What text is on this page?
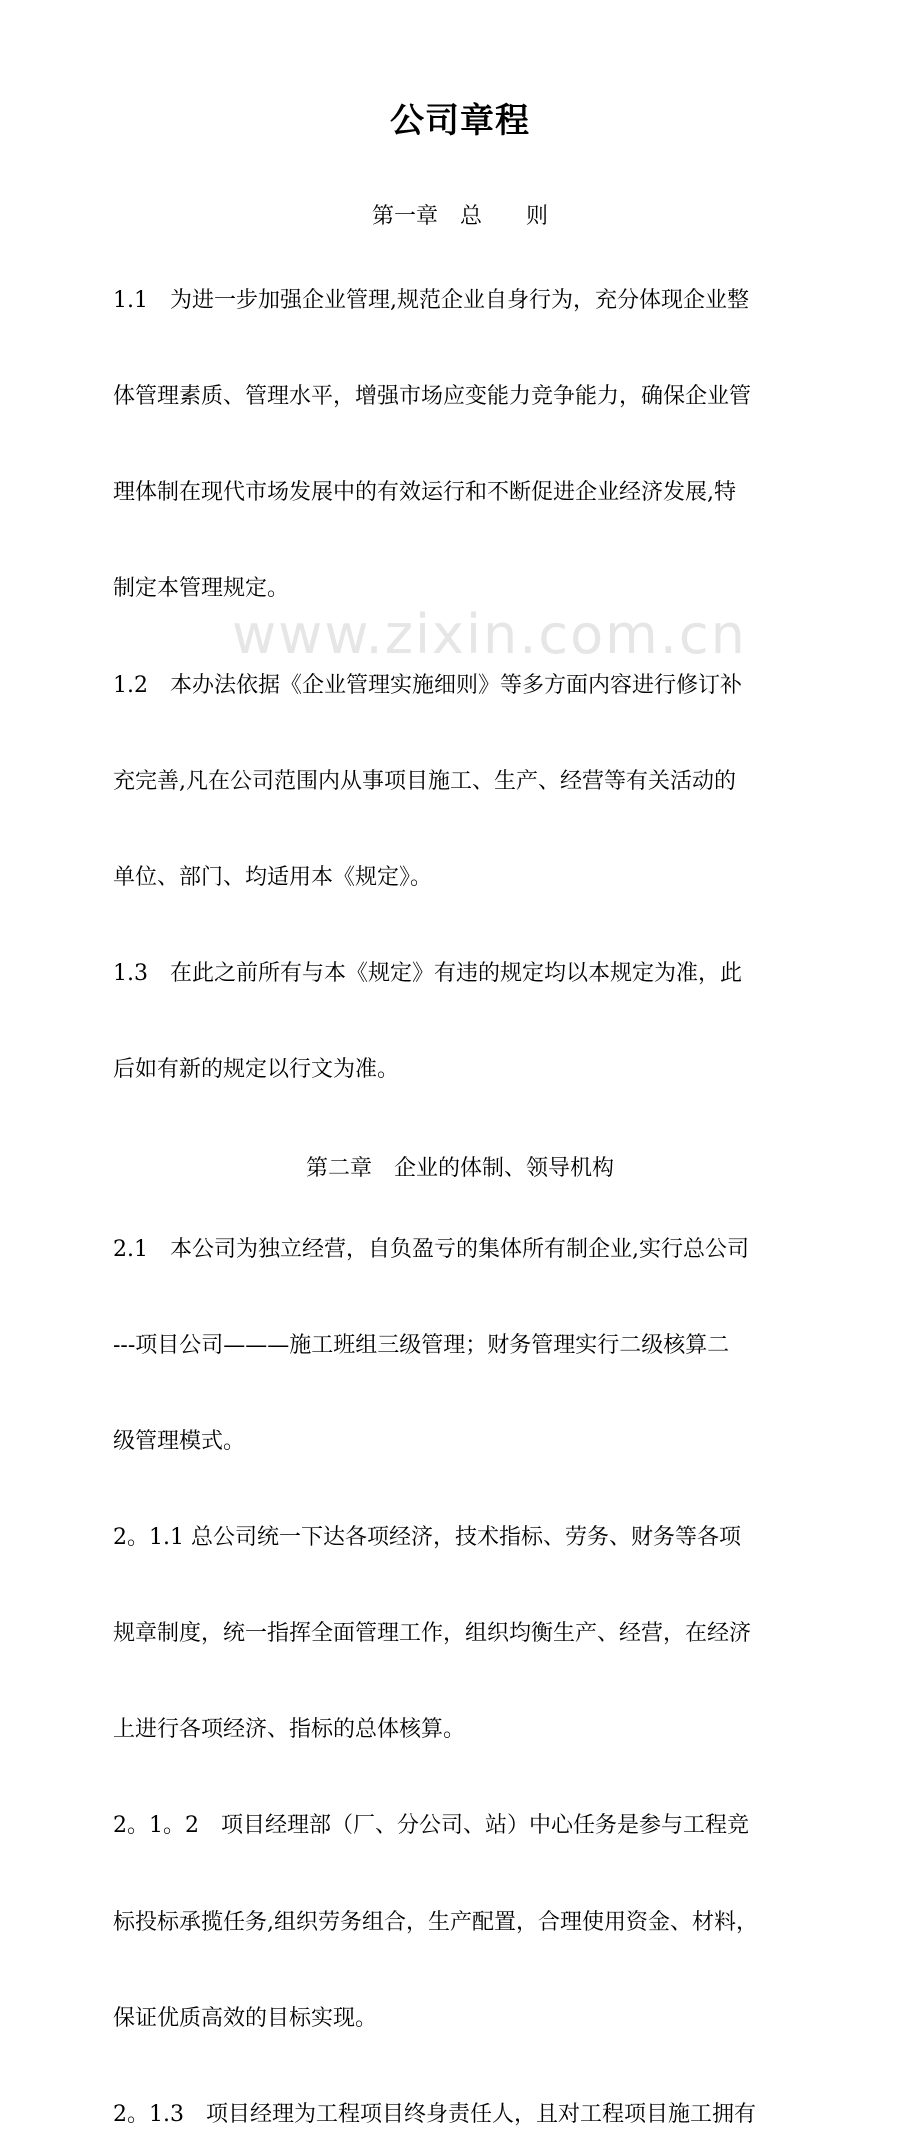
www.zixin.com.cn
公司章程
第一章　总　　则
1.1　为进一步加强企业管理,规范企业自身行为，充分体现企业整
体管理素质、管理水平，增强市场应变能力竞争能力，确保企业管
理体制在现代市场发展中的有效运行和不断促进企业经济发展,特
制定本管理规定。
1.2　本办法依据《企业管理实施细则》等多方面内容进行修订补
充完善,凡在公司范围内从事项目施工、生产、经营等有关活动的
单位、部门、均适用本《规定》。
1.3　在此之前所有与本《规定》有违的规定均以本规定为准，此
后如有新的规定以行文为准。
第二章　企业的体制、领导机构
2.1　本公司为独立经营，自负盈亏的集体所有制企业,实行总公司
---项目公司———施工班组三级管理；财务管理实行二级核算二
级管理模式。
2。1.1 总公司统一下达各项经济，技术指标、劳务、财务等各项
规章制度，统一指挥全面管理工作，组织均衡生产、经营，在经济
上进行各项经济、指标的总体核算。
2。1。2　项目经理部（厂、分公司、站）中心任务是参与工程竞
标投标承揽任务,组织劳务组合，生产配置，合理使用资金、材料，
保证优质高效的目标实现。
2。1.3　项目经理为工程项目终身责任人，且对工程项目施工拥有
